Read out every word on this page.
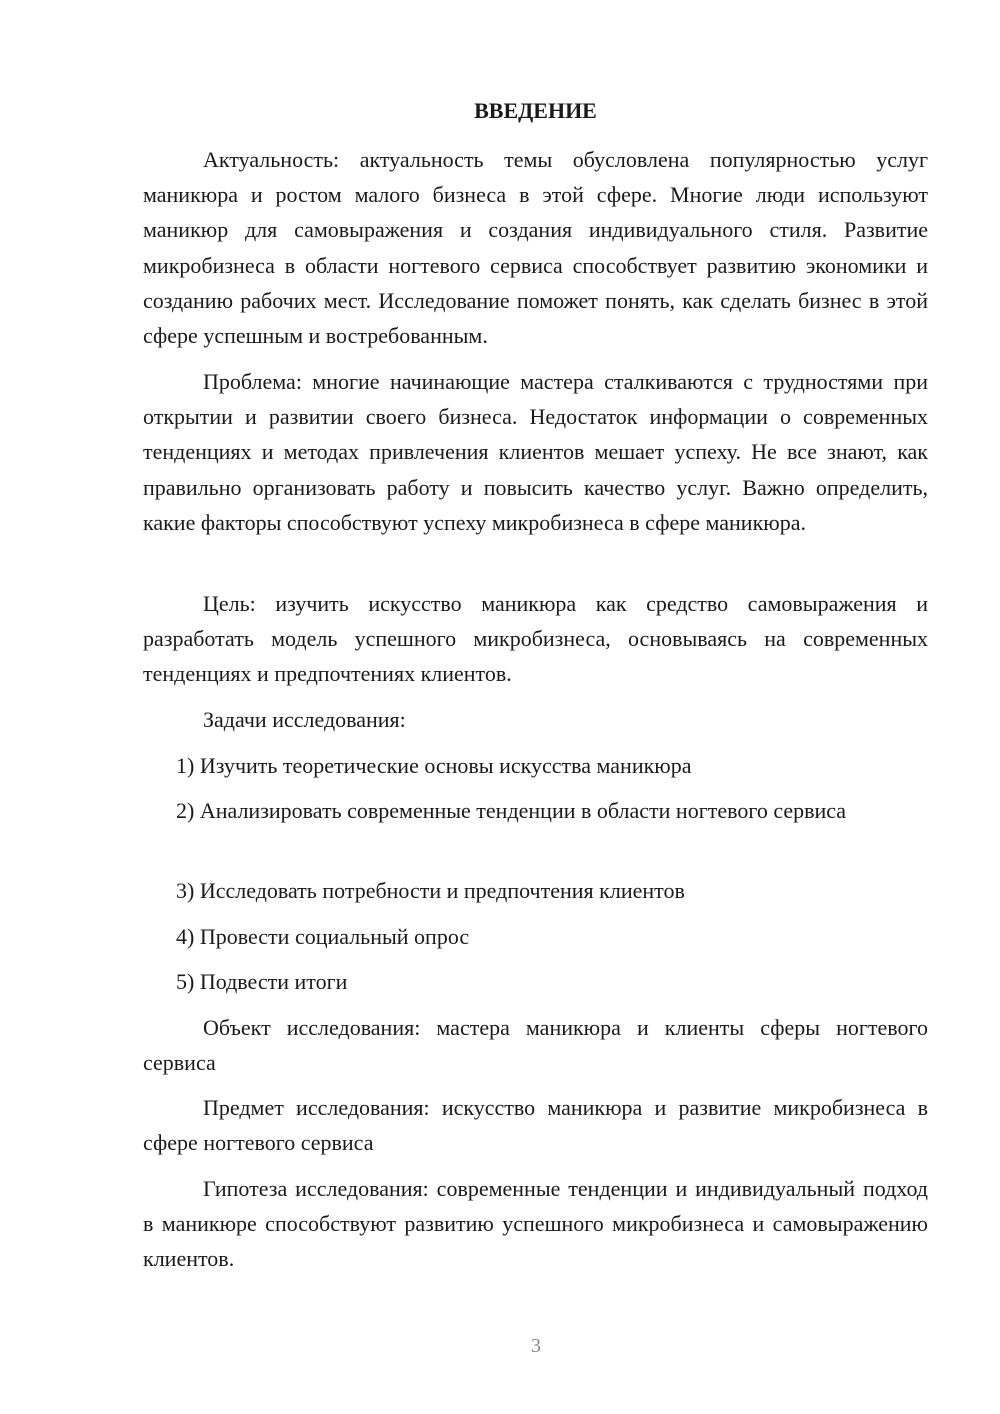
ВВЕДЕНИЕ

Актуальность: актуальность темы обусловлена популярностью услуг маникюра и ростом малого бизнеса в этой сфере. Многие люди используют маникюр для самовыражения и создания индивидуального стиля. Развитие микробизнеса в области ногтевого сервиса способствует развитию экономики и созданию рабочих мест. Исследование поможет понять, как сделать бизнес в этой сфере успешным и востребованным.

Проблема: многие начинающие мастера сталкиваются с трудностями при открытии и развитии своего бизнеса. Недостаток информации о современных тенденциях и методах привлечения клиентов мешает успеху. Не все знают, как правильно организовать работу и повысить качество услуг. Важно определить, какие факторы способствуют успеху микробизнеса в сфере маникюра.

Цель: изучить искусство маникюра как средство самовыражения и разработать модель успешного микробизнеса, основываясь на современных тенденциях и предпочтениях клиентов.

Задачи исследования:

1) Изучить теоретические основы искусства маникюра

2) Анализировать современные тенденции в области ногтевого сервиса

3) Исследовать потребности и предпочтения клиентов

4) Провести социальный опрос

5) Подвести итоги

Объект исследования: мастера маникюра и клиенты сферы ногтевого сервиса

Предмет исследования: искусство маникюра и развитие микробизнеса в сфере ногтевого сервиса

Гипотеза исследования: современные тенденции и индивидуальный подход в маникюре способствуют развитию успешного микробизнеса и самовыражению клиентов.

3
